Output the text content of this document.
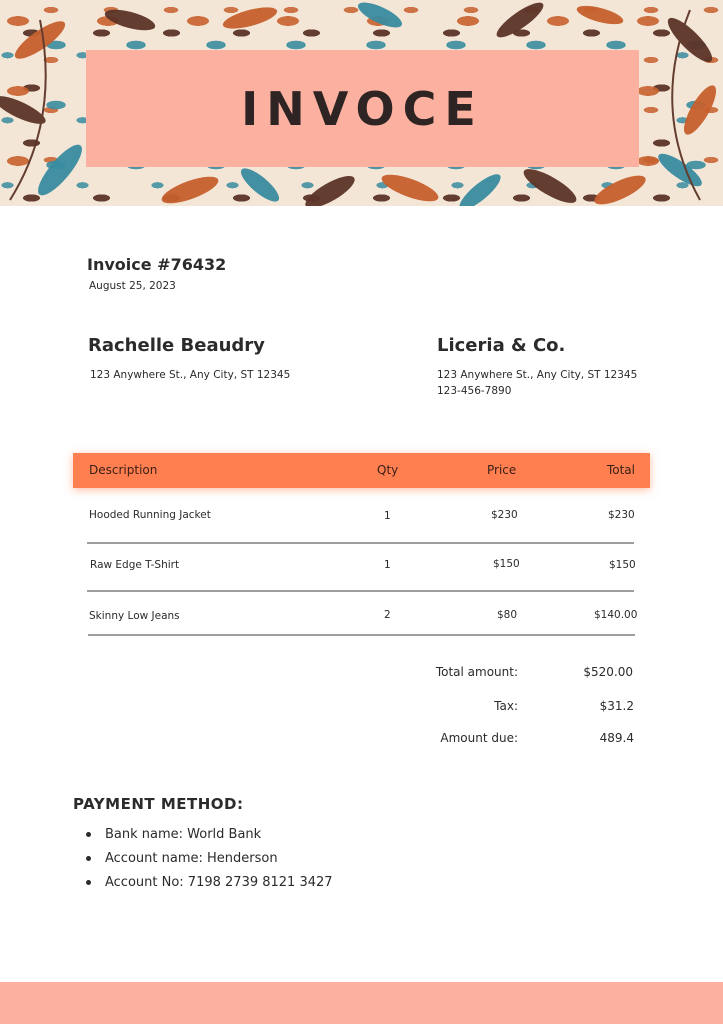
INVOCE
Invoice #76432
August 25, 2023
Rachelle Beaudry
123 Anywhere St., Any City, ST 12345
Liceria & Co.
123 Anywhere St., Any City, ST 12345
123-456-7890
Description	Qty	Price	Total
Hooded Running Jacket	1	$230	$230
Raw Edge T-Shirt	1	$150	$150
Skinny Low Jeans	2	$80	$140.00
Total amount:	$520.00
Tax:	$31.2
Amount due:	489.4
PAYMENT METHOD:
Bank name: World Bank
Account name: Henderson
Account No: 7198 2739 8121 3427
